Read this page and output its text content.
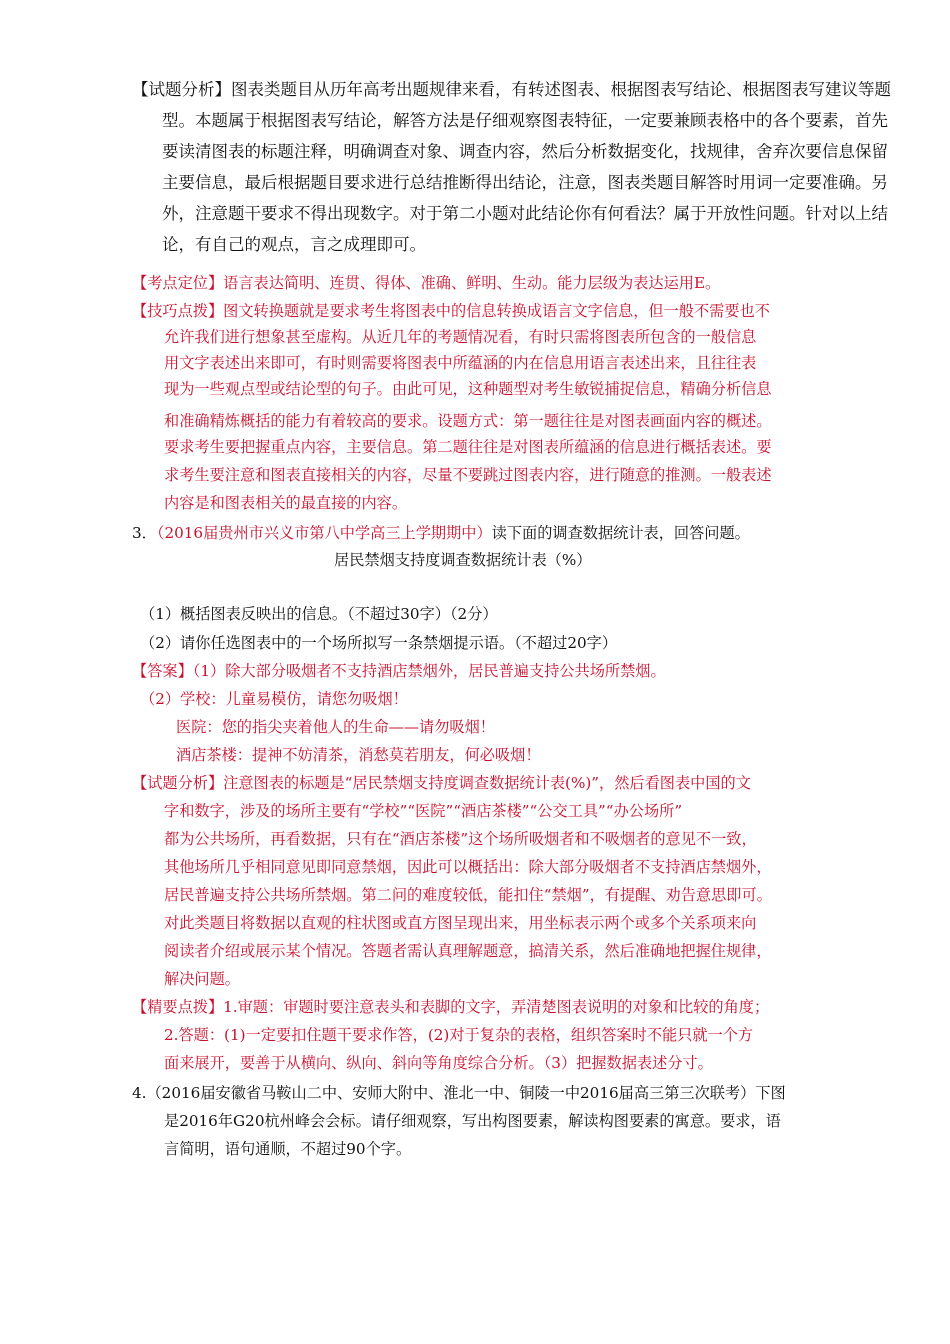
【试题分析】图表类题目从历年高考出题规律来看，有转述图表、根据图表写结论、根据图表写建议等题
型。本题属于根据图表写结论，解答方法是仔细观察图表特征，一定要兼顾表格中的各个要素，首先
要读清图表的标题注释，明确调查对象、调查内容，然后分析数据变化，找规律，舍弃次要信息保留
主要信息，最后根据题目要求进行总结推断得出结论，注意，图表类题目解答时用词一定要准确。另
外，注意题干要求不得出现数字。对于第二小题对此结论你有何看法？属于开放性问题。针对以上结
论，有自己的观点，言之成理即可。
【考点定位】语言表达简明、连贯、得体、准确、鲜明、生动。能力层级为表达运用E。
【技巧点拨】图文转换题就是要求考生将图表中的信息转换成语言文字信息，但一般不需要也不
允许我们进行想象甚至虚构。从近几年的考题情况看，有时只需将图表所包含的一般信息
用文字表述出来即可，有时则需要将图表中所蕴涵的内在信息用语言表述出来，且往往表
现为一些观点型或结论型的句子。由此可见，这种题型对考生敏锐捕捉信息，精确分析信息
和准确精炼概括的能力有着较高的要求。设题方式：第一题往往是对图表画面内容的概述。
要求考生要把握重点内容，主要信息。第二题往往是对图表所蕴涵的信息进行概括表述。要
求考生要注意和图表直接相关的内容，尽量不要跳过图表内容，进行随意的推测。一般表述
内容是和图表相关的最直接的内容。
3．（2016届贵州市兴义市第八中学高三上学期期中）读下面的调查数据统计表，回答问题。
居民禁烟支持度调查数据统计表（%）
（1）概括图表反映出的信息。（不超过30字）（2分）
（2）请你任选图表中的一个场所拟写一条禁烟提示语。（不超过20字）
【答案】（1）除大部分吸烟者不支持酒店禁烟外，居民普遍支持公共场所禁烟。
（2）学校：儿童易模仿，请您勿吸烟！
医院：您的指尖夹着他人的生命——请勿吸烟！
酒店茶楼：提神不妨清茶，消愁莫若朋友，何必吸烟！
【试题分析】注意图表的标题是“居民禁烟支持度调查数据统计表(%)”，然后看图表中国的文
字和数字，涉及的场所主要有“学校”“医院”“酒店茶楼”“公交工具”“办公场所”
都为公共场所，再看数据，只有在“酒店茶楼”这个场所吸烟者和不吸烟者的意见不一致，
其他场所几乎相同意见即同意禁烟，因此可以概括出：除大部分吸烟者不支持酒店禁烟外，
居民普遍支持公共场所禁烟。第二问的难度较低，能扣住“禁烟”，有提醒、劝告意思即可。
对此类题目将数据以直观的柱状图或直方图呈现出来，用坐标表示两个或多个关系项来向
阅读者介绍或展示某个情况。答题者需认真理解题意，搞清关系，然后准确地把握住规律，
解决问题。
【精要点拨】1.审题：审题时要注意表头和表脚的文字，弄清楚图表说明的对象和比较的角度；
2.答题：(1)一定要扣住题干要求作答，(2)对于复杂的表格，组织答案时不能只就一个方
面来展开，要善于从横向、纵向、斜向等角度综合分析。（3）把握数据表述分寸。
4.（2016届安徽省马鞍山二中、安师大附中、淮北一中、铜陵一中2016届高三第三次联考）下图
是2016年G20杭州峰会会标。请仔细观察，写出构图要素，解读构图要素的寓意。要求，语
言简明，语句通顺，不超过90个字。
